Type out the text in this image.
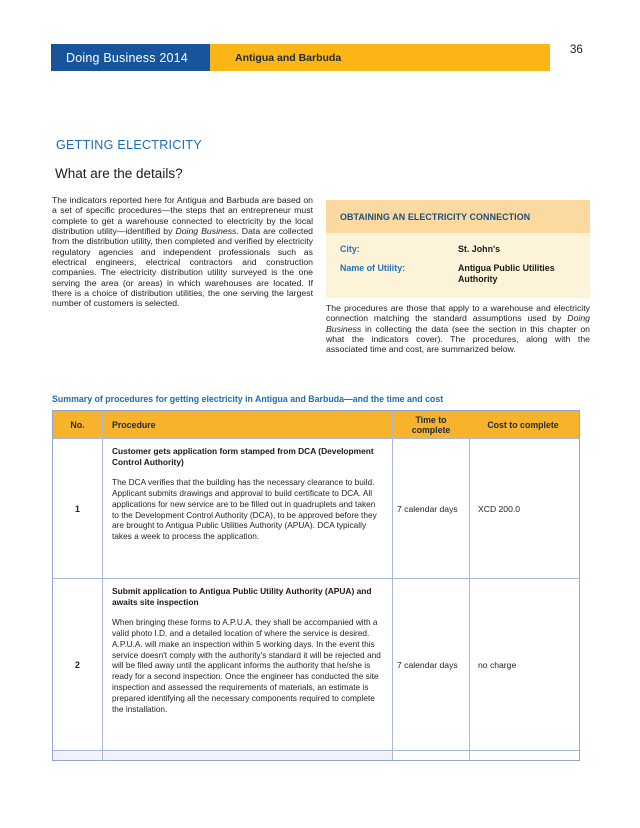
Doing Business 2014	Antigua and Barbuda
36
GETTING ELECTRICITY
What are the details?
The indicators reported here for Antigua and Barbuda are based on a set of specific procedures—the steps that an entrepreneur must complete to get a warehouse connected to electricity by the local distribution utility—identified by Doing Business. Data are collected from the distribution utility, then completed and verified by electricity regulatory agencies and independent professionals such as electrical engineers, electrical contractors and construction companies. The electricity distribution utility surveyed is the one serving the area (or areas) in which warehouses are located. If there is a choice of distribution utilities, the one serving the largest number of customers is selected.
OBTAINING AN ELECTRICITY CONNECTION
City:	St. John's
Name of Utility:	Antigua Public Utilities Authority
The procedures are those that apply to a warehouse and electricity connection matching the standard assumptions used by Doing Business in collecting the data (see the section in this chapter on what the indicators cover). The procedures, along with the associated time and cost, are summarized below.
Summary of procedures for getting electricity in Antigua and Barbuda—and the time and cost
No.	Procedure	Time to complete	Cost to complete
1
Customer gets application form stamped from DCA (Development Control Authority)
The DCA verifies that the building has the necessary clearance to build. Applicant submits drawings and approval to build certificate to DCA. All applications for new service are to be filled out in quadruplets and taken to the Development Control Authority (DCA), to be approved before they are brought to Antigua Public Utilities Authority (APUA). DCA typically takes a week to process the application.
7 calendar days	XCD 200.0
2
Submit application to Antigua Public Utility Authority (APUA) and awaits site inspection
When bringing these forms to A.P.U.A. they shall be accompanied with a valid photo I.D. and a detailed location of where the service is desired. A.P.U.A. will make an inspection within 5 working days. In the event this service doesn't comply with the authority's standard it will be rejected and will be filed away until the applicant informs the authority that he/she is ready for a second inspection. Once the engineer has conducted the site inspection and assessed the requirements of materials, an estimate is prepared identifying all the necessary components required to complete the installation.
7 calendar days	no charge
